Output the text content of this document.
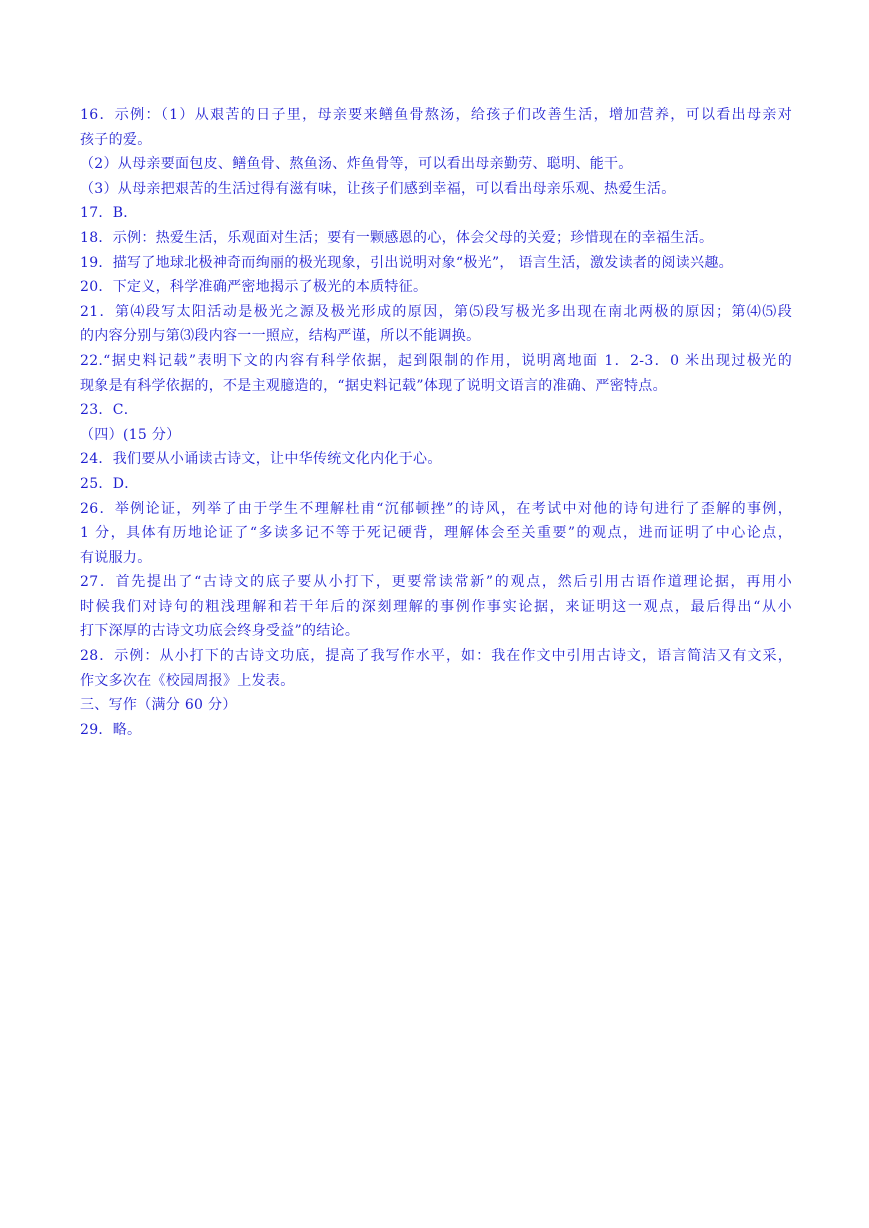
16．示例：（1）从艰苦的日子里，母亲要来鳝鱼骨熬汤，给孩子们改善生活，增加营养，可以看出母亲对
孩子的爱。
（2）从母亲要面包皮、鳝鱼骨、熬鱼汤、炸鱼骨等，可以看出母亲勤劳、聪明、能干。
（3）从母亲把艰苦的生活过得有滋有味，让孩子们感到幸福，可以看出母亲乐观、热爱生活。
17．B．
18．示例：热爱生活，乐观面对生活；要有一颗感恩的心，体会父母的关爱；珍惜现在的幸福生活。
19．描写了地球北极神奇而绚丽的极光现象，引出说明对象“极光”， 语言生活，激发读者的阅读兴趣。
20．下定义，科学准确严密地揭示了极光的本质特征。
21．第⑷段写太阳活动是极光之源及极光形成的原因，第⑸段写极光多出现在南北两极的原因；第⑷⑸段
的内容分别与第⑶段内容一一照应，结构严谨，所以不能调换。
22.“据史料记载”表明下文的内容有科学依据，起到限制的作用，说明离地面 1．2-3．0 米出现过极光的
现象是有科学依据的，不是主观臆造的，“据史料记载”体现了说明文语言的准确、严密特点。
23．C．
（四）(15 分）
24．我们要从小诵读古诗文，让中华传统文化内化于心。
25．D．
26．举例论证，列举了由于学生不理解杜甫“沉郁顿挫”的诗风，在考试中对他的诗句进行了歪解的事例，
1 分，具体有历地论证了“多读多记不等于死记硬背，理解体会至关重要”的观点，进而证明了中心论点，
有说服力。
27．首先提出了“古诗文的底子要从小打下，更要常读常新”的观点，然后引用古语作道理论据，再用小
时候我们对诗句的粗浅理解和若干年后的深刻理解的事例作事实论据，来证明这一观点，最后得出“从小
打下深厚的古诗文功底会终身受益”的结论。
28．示例：从小打下的古诗文功底，提高了我写作水平，如：我在作文中引用古诗文，语言简洁又有文采，
作文多次在《校园周报》上发表。
三、写作（满分 60 分）
29．略。
